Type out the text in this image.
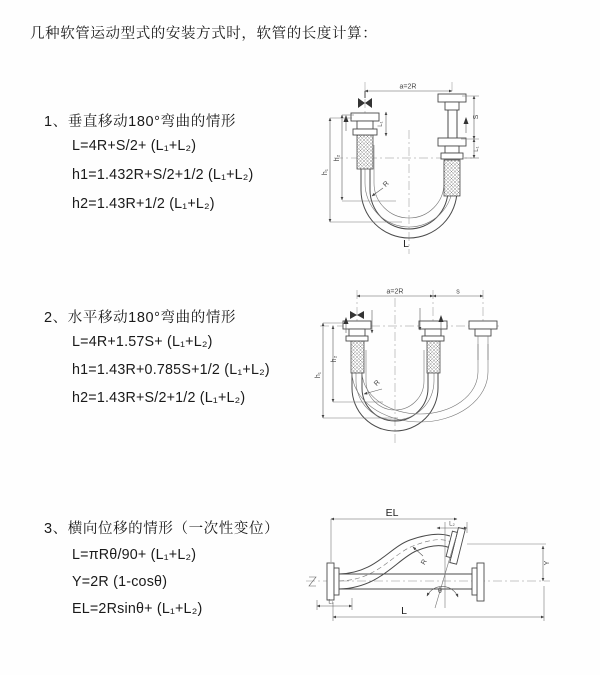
几种软管运动型式的安装方式时，软管的长度计算：
1、垂直移动180°弯曲的情形
L=4R+S/2+ (L₁+L₂)
h1=1.432R+S/2+1/2 (L₁+L₂)
h2=1.43R+1/2 (L₁+L₂)
2、水平移动180°弯曲的情形
L=4R+1.57S+ (L₁+L₂)
h1=1.43R+0.785S+1/2 (L₁+L₂)
h2=1.43R+S/2+1/2 (L₁+L₂)
3、横向位移的情形（一次性变位）
L=πRθ/90+ (L₁+L₂)
Y=2R (1-cosθ)
EL=2Rsinθ+ (L₁+L₂)
a=2R
h₁
h₂
S
L₁
L₁
R
L
a=2R	s
h₁
h₂
R
EL
L₂
L
L₁
Y
R
θ
